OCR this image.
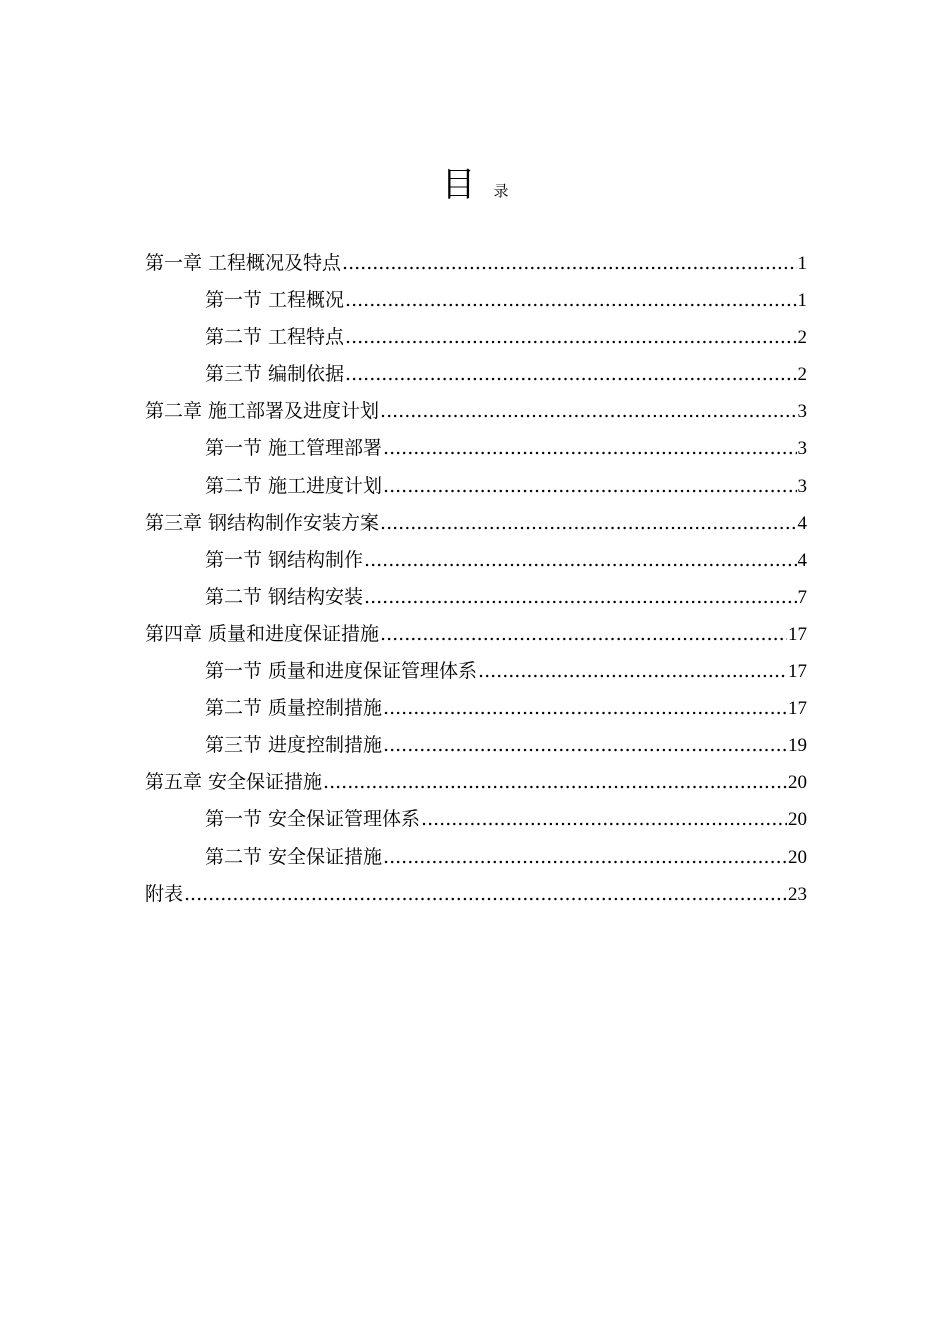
目 录
第一章 工程概况及特点 .....	1
第一节 工程概况 .....	1
第二节 工程特点 .....	2
第三节 编制依据 .....	2
第二章 施工部署及进度计划 .....	3
第一节 施工管理部署 .....	3
第二节 施工进度计划 .....	3
第三章 钢结构制作安装方案 .....	4
第一节 钢结构制作 .....	4
第二节 钢结构安装 .....	7
第四章 质量和进度保证措施 .....	17
第一节 质量和进度保证管理体系 .....	17
第二节 质量控制措施 .....	17
第三节 进度控制措施 .....	19
第五章 安全保证措施 .....	20
第一节 安全保证管理体系 .....	20
第二节 安全保证措施 .....	20
附表 .....	23
